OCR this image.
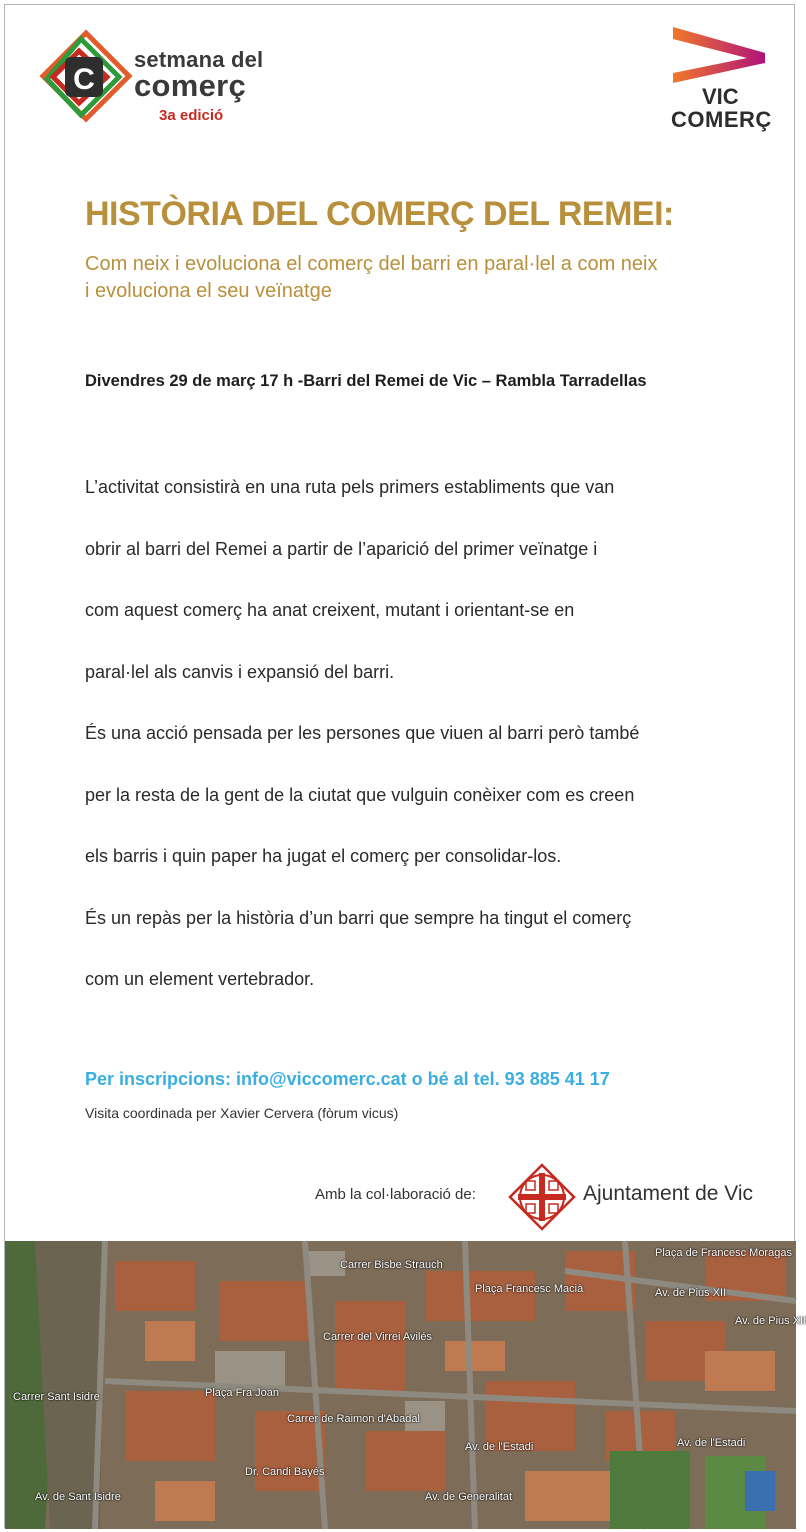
C
setmana del
comerç
3a edició
VIC
COMERÇ
HISTÒRIA DEL COMERÇ DEL REMEI:
Com neix i evoluciona el comerç del barri en paral·lel a com neix
i evoluciona el seu veïnatge
Divendres 29 de març 17 h -Barri del Remei de Vic – Rambla Tarradellas

L’activitat consistirà en una ruta pels primers establiments que van

obrir al barri del Remei a partir de l’aparició del primer veïnatge i

com aquest comerç ha anat creixent, mutant i orientant-se en

paral·lel als canvis i expansió del barri.

És una acció pensada per les persones que viuen al barri però també

per la resta de la gent de la ciutat que vulguin conèixer com es creen

els barris i quin paper ha jugat el comerç per consolidar-los.

És un repàs per la història d’un barri que sempre ha tingut el comerç

com un element vertebrador.

Per inscripcions: info@viccomerc.cat o bé al tel. 93 885 41 17
Visita coordinada per Xavier Cervera (fòrum vicus)
Amb la col·laboració de:	Ajuntament de Vic
Carrer Bisbe Strauch
Plaça Francesc Macià
Plaça de Francesc Moragas
Av. de Pius XII
Av. de Pius XII
Plaça Fra Joan
Carrer del Virrei Avilés
Carrer de Raimon d'Abadal
Av. de l'Estadi	Av. de l'Estadi
Dr. Candi Bayés
Av. de Generalitat
Carrer Sant Isidre
Av. de Sant Isidre
